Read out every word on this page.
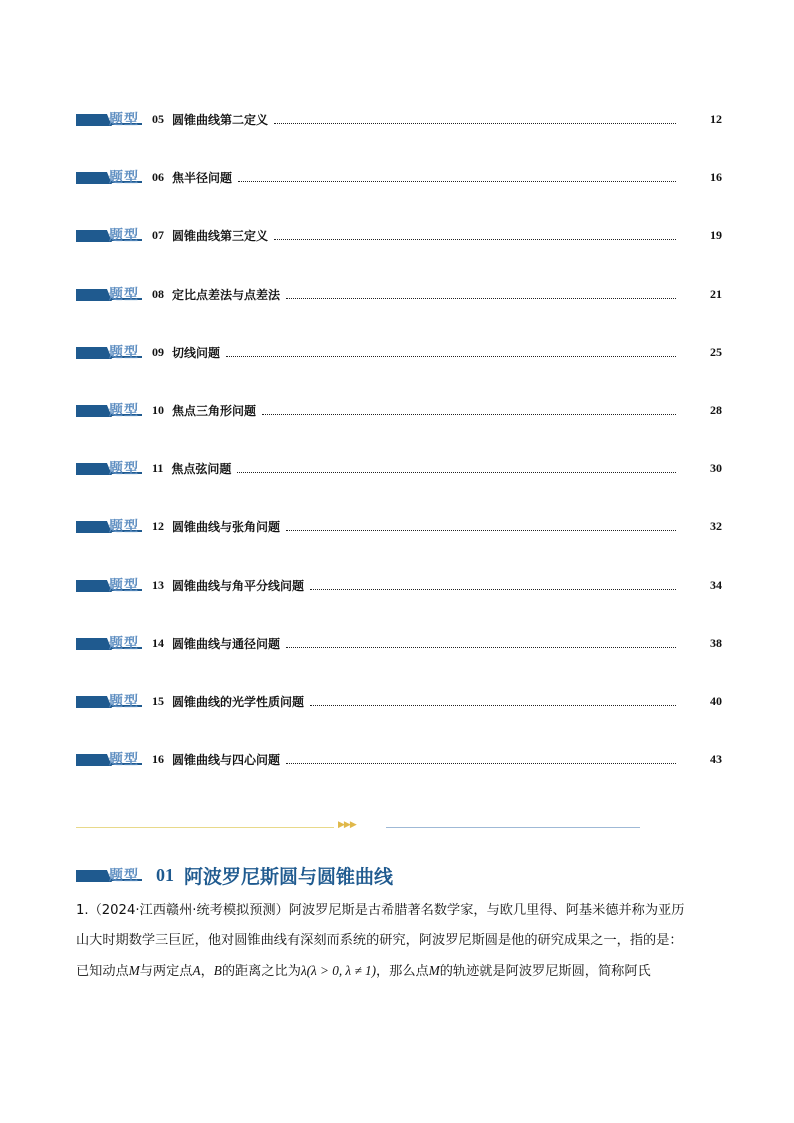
题型 05 圆锥曲线第二定义	12
题型 06 焦半径问题	16
题型 07 圆锥曲线第三定义	19
题型 08 定比点差法与点差法	21
题型 09 切线问题	25
题型 10 焦点三角形问题	28
题型 11 焦点弦问题	30
题型 12 圆锥曲线与张角问题	32
题型 13 圆锥曲线与角平分线问题	34
题型 14 圆锥曲线与通径问题	38
题型 15 圆锥曲线的光学性质问题	40
题型 16 圆锥曲线与四心问题	43
▶▶▶
题型 01 阿波罗尼斯圆与圆锥曲线
1.（2024·江西赣州·统考模拟预测）阿波罗尼斯是古希腊著名数学家，与欧几里得、阿基米德并称为亚历
山大时期数学三巨匠，他对圆锥曲线有深刻而系统的研究，阿波罗尼斯圆是他的研究成果之一，指的是：
已知动点M与两定点A，B的距离之比为λ(λ > 0, λ ≠ 1)，那么点M的轨迹就是阿波罗尼斯圆，简称阿氏
